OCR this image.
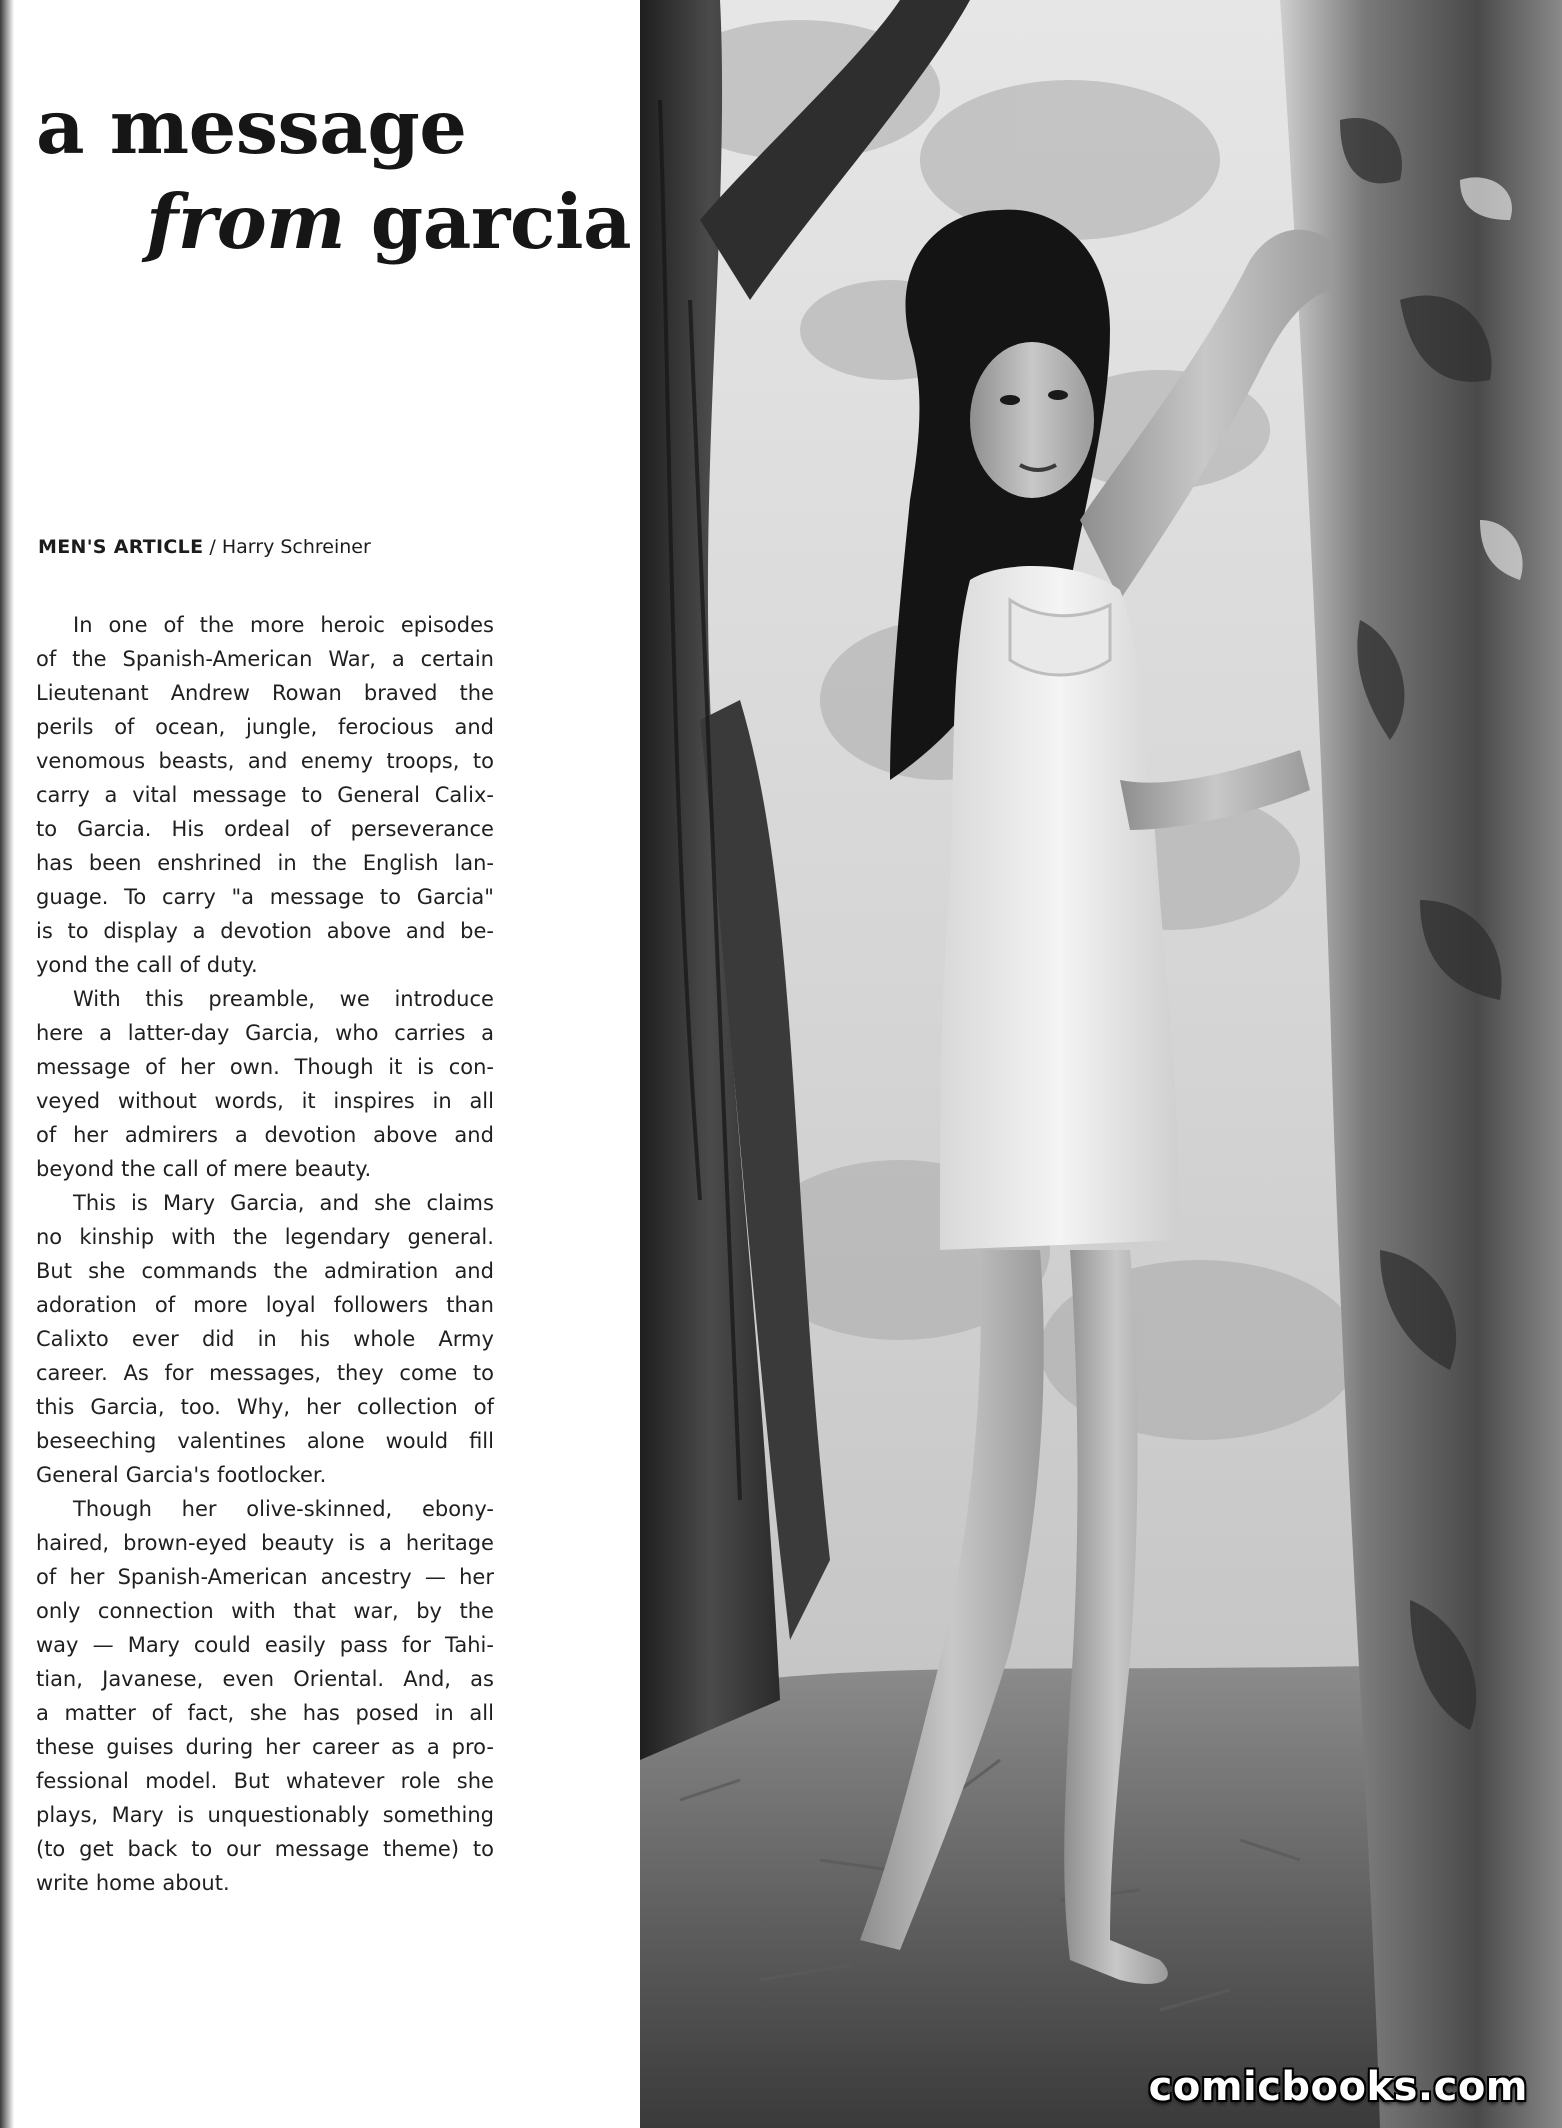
a message
from garcia
MEN'S ARTICLE / Harry Schreiner
In one of the more heroic episodes
of the Spanish-American War, a certain
Lieutenant Andrew Rowan braved the
perils of ocean, jungle, ferocious and
venomous beasts, and enemy troops, to
carry a vital message to General Calix-
to Garcia. His ordeal of perseverance
has been enshrined in the English lan-
guage. To carry "a message to Garcia"
is to display a devotion above and be-
yond the call of duty.
With this preamble, we introduce
here a latter-day Garcia, who carries a
message of her own. Though it is con-
veyed without words, it inspires in all
of her admirers a devotion above and
beyond the call of mere beauty.
This is Mary Garcia, and she claims
no kinship with the legendary general.
But she commands the admiration and
adoration of more loyal followers than
Calixto ever did in his whole Army
career. As for messages, they come to
this Garcia, too. Why, her collection of
beseeching valentines alone would fill
General Garcia's footlocker.
Though her olive-skinned, ebony-
haired, brown-eyed beauty is a heritage
of her Spanish-American ancestry — her
only connection with that war, by the
way — Mary could easily pass for Tahi-
tian, Javanese, even Oriental. And, as
a matter of fact, she has posed in all
these guises during her career as a pro-
fessional model. But whatever role she
plays, Mary is unquestionably something
(to get back to our message theme) to
write home about.
comicbooks.com
